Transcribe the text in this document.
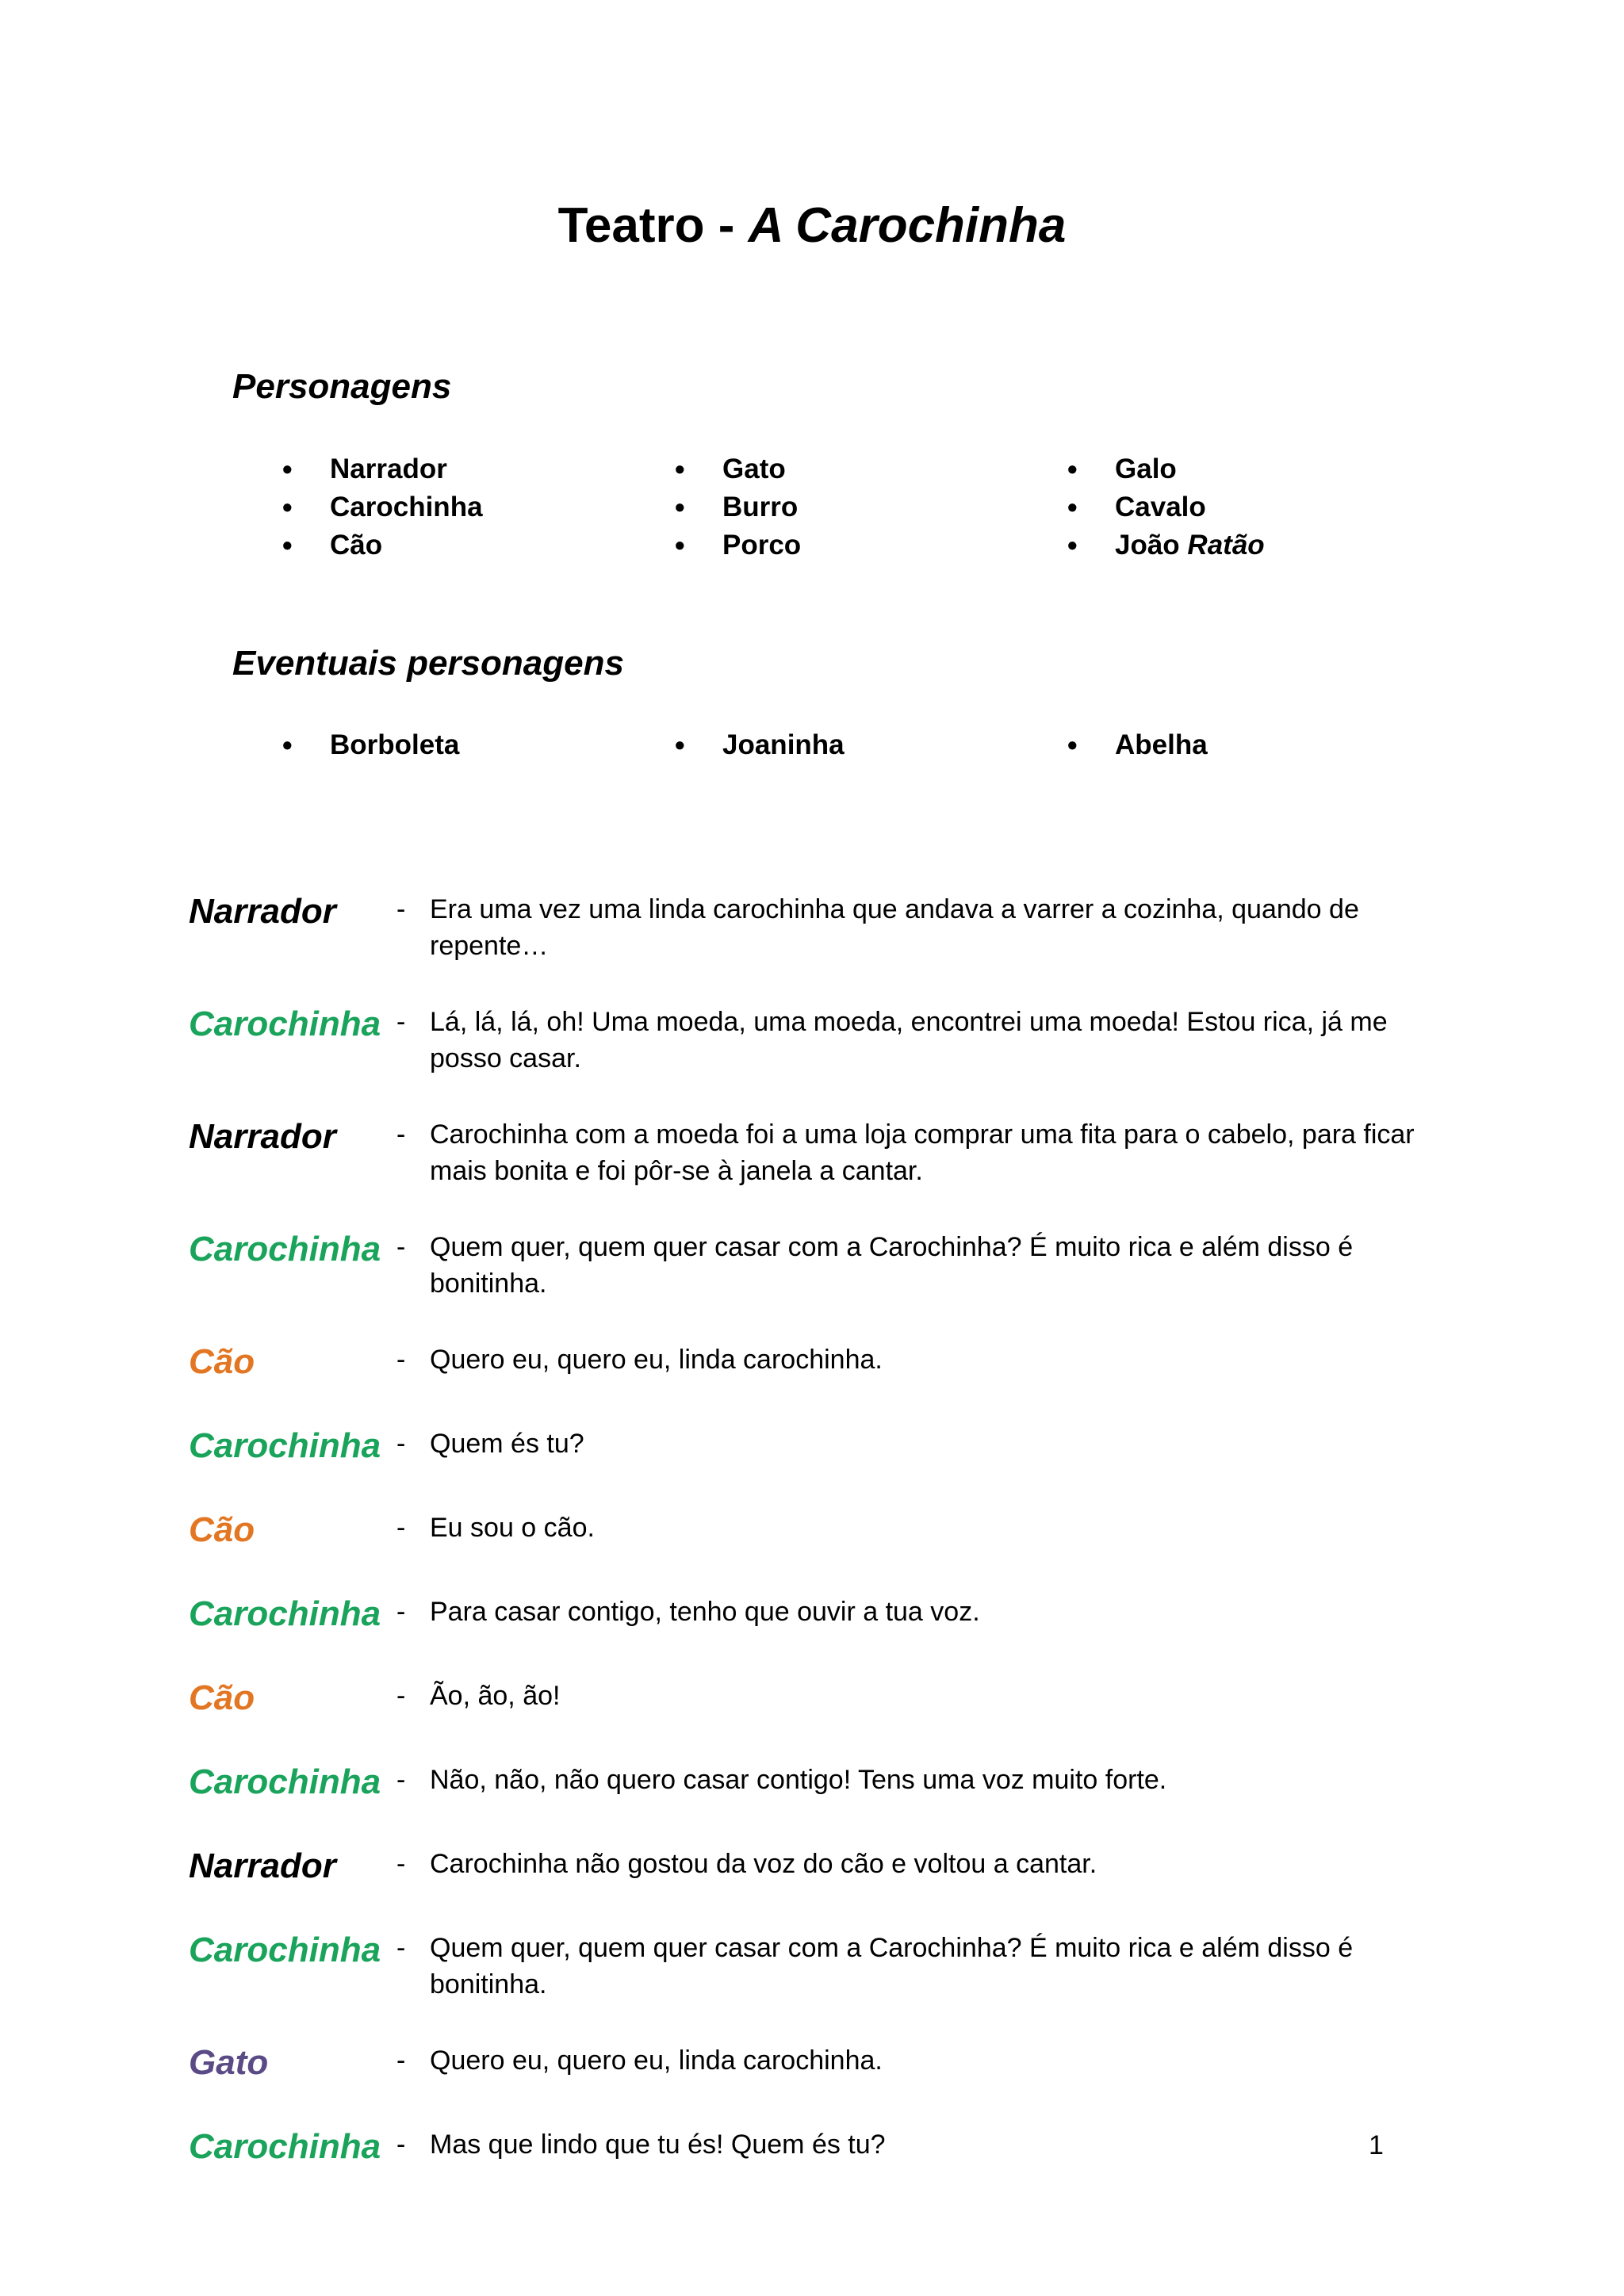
Teatro - A Carochinha
Personagens
• Narrador	• Gato	• Galo
• Carochinha	• Burro	• Cavalo
• Cão	• Porco	• João Ratão
Eventuais personagens
• Borboleta	• Joaninha	• Abelha
Narrador	- Era uma vez uma linda carochinha que andava a varrer a cozinha, quando de repente…
Carochinha - Lá, lá, lá, oh! Uma moeda, uma moeda, encontrei uma moeda! Estou rica, já me posso casar.
Narrador	- Carochinha com a moeda foi a uma loja comprar uma fita para o cabelo, para ficar mais bonita e foi pôr-se à janela a cantar.
Carochinha - Quem quer, quem quer casar com a Carochinha? É muito rica e além disso é bonitinha.
Cão	- Quero eu, quero eu, linda carochinha.
Carochinha - Quem és tu?
Cão	- Eu sou o cão.
Carochinha - Para casar contigo, tenho que ouvir a tua voz.
Cão	- Ão, ão, ão!
Carochinha - Não, não, não quero casar contigo! Tens uma voz muito forte.
Narrador	- Carochinha não gostou da voz do cão e voltou a cantar.
Carochinha - Quem quer, quem quer casar com a Carochinha? É muito rica e além disso é bonitinha.
Gato	- Quero eu, quero eu, linda carochinha.
Carochinha - Mas que lindo que tu és! Quem és tu?	1
